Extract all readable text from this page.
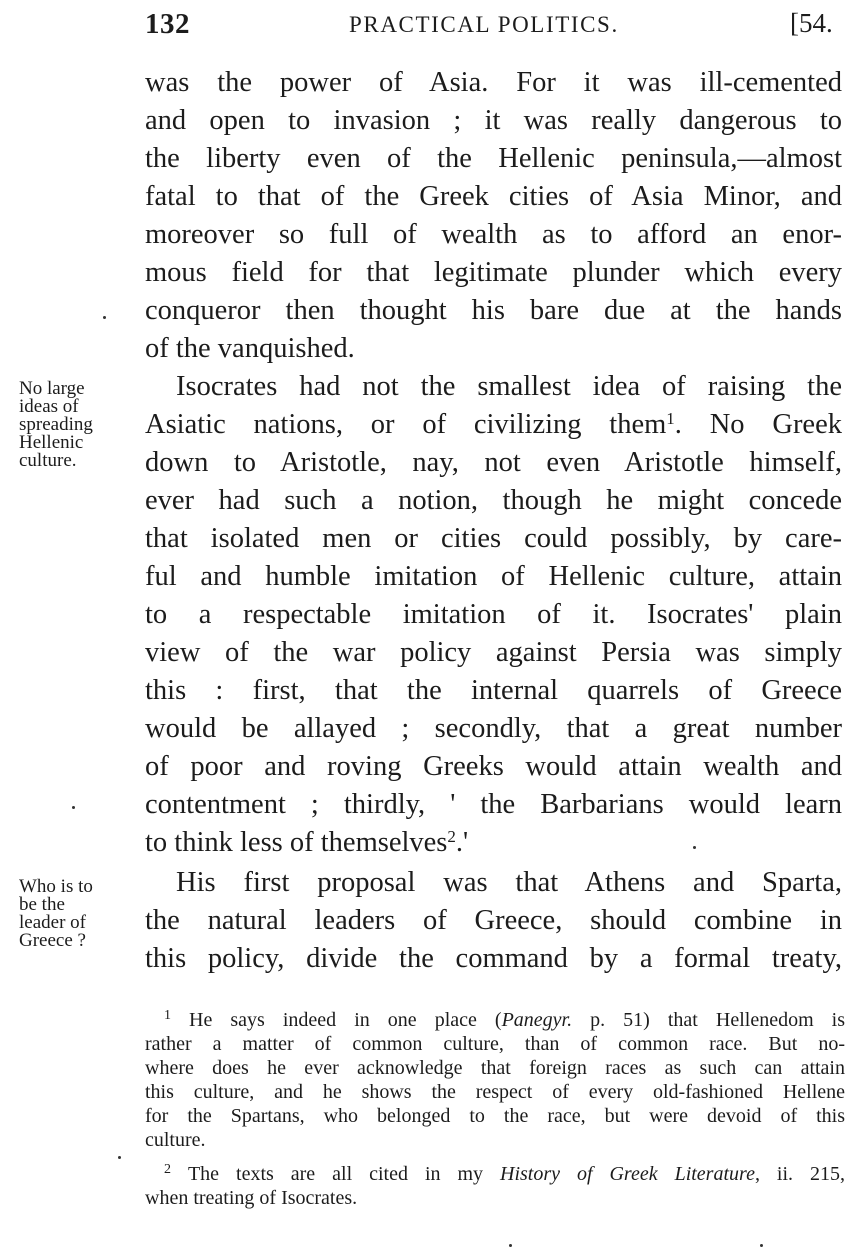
132	PRACTICAL POLITICS.	[54.
was the power of Asia. For it was ill-cemented
and open to invasion ; it was really dangerous to
the liberty even of the Hellenic peninsula,—almost
fatal to that of the Greek cities of Asia Minor, and
moreover so full of wealth as to afford an enor-
mous field for that legitimate plunder which every
conqueror then thought his bare due at the hands
of the vanquished.
No large
ideas of
spreading
Hellenic
culture.
Isocrates had not the smallest idea of raising the
Asiatic nations, or of civilizing them$^1$. No Greek
down to Aristotle, nay, not even Aristotle himself,
ever had such a notion, though he might concede
that isolated men or cities could possibly, by care-
ful and humble imitation of Hellenic culture, attain
to a respectable imitation of it. Isocrates' plain
view of the war policy against Persia was simply
this : first, that the internal quarrels of Greece
would be allayed ; secondly, that a great number
of poor and roving Greeks would attain wealth and
contentment ; thirdly, ' the Barbarians would learn
to think less of themselves$^2$.'
Who is to
be the
leader of
Greece ?
His first proposal was that Athens and Sparta,
the natural leaders of Greece, should combine in
this policy, divide the command by a formal treaty,
$^1$ He says indeed in one place (Panegyr. p. 51) that Hellenedom is
rather a matter of common culture, than of common race. But no-
where does he ever acknowledge that foreign races as such can attain
this culture, and he shows the respect of every old-fashioned Hellene
for the Spartans, who belonged to the race, but were devoid of this
culture.
$^2$ The texts are all cited in my History of Greek Literature, ii. 215,
when treating of Isocrates.
